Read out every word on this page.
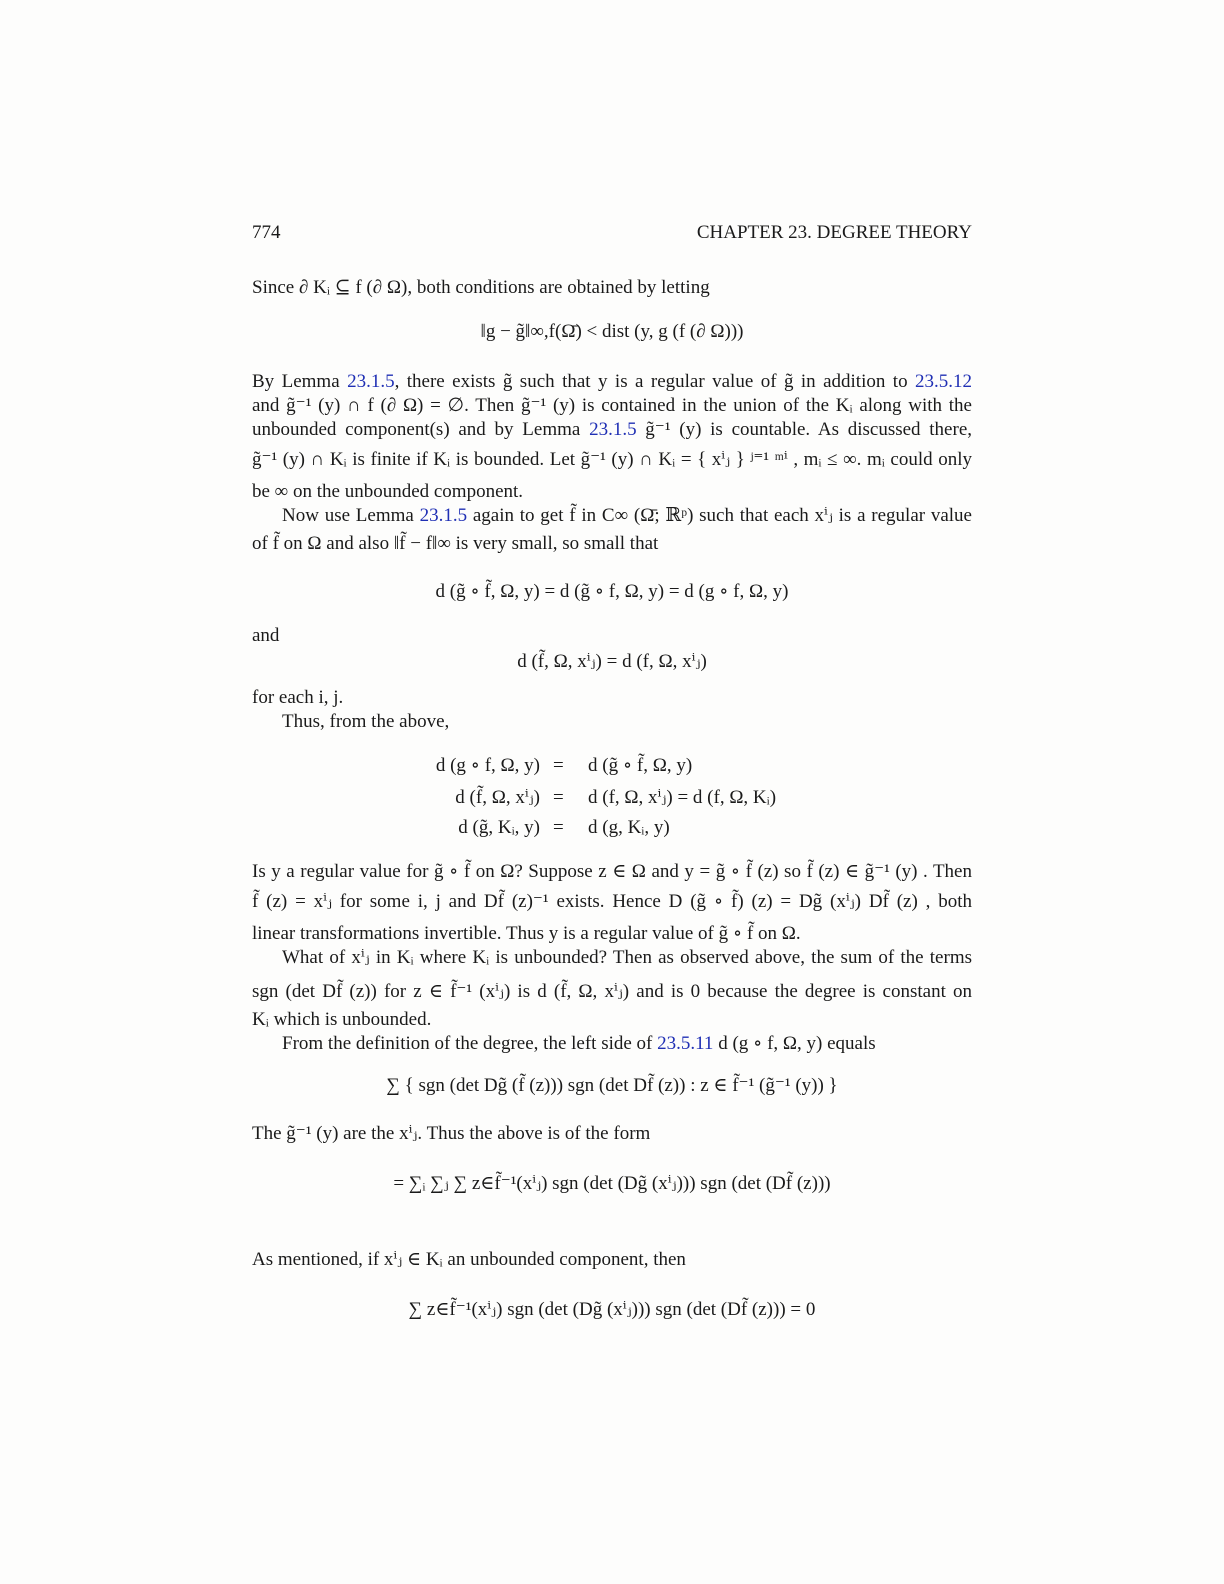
774	CHAPTER 23. DEGREE THEORY
Since ∂ Kᵢ ⊆ f (∂ Ω), both conditions are obtained by letting
‖g − g̃‖∞,f(Ω̄) < dist (y, g (f (∂ Ω)))
By Lemma 23.1.5, there exists g̃ such that y is a regular value of g̃ in addition to 23.5.12
and g̃⁻¹ (y) ∩ f (∂ Ω) = ∅. Then g̃⁻¹ (y) is contained in the union of the Kᵢ along with the
unbounded component(s) and by Lemma 23.1.5 g̃⁻¹ (y) is countable. As discussed there,
g̃⁻¹ (y) ∩ Kᵢ is finite if Kᵢ is bounded. Let g̃⁻¹ (y) ∩ Kᵢ = { xⁱⱼ } ʲ⁼¹ ᵐⁱ , mᵢ ≤ ∞. mᵢ could only
be ∞ on the unbounded component.
Now use Lemma 23.1.5 again to get f̃ in C∞ (Ω̄; ℝᵖ) such that each xⁱⱼ is a regular value
of f̃ on Ω and also ‖f̃ − f‖∞ is very small, so small that
d (g̃ ∘ f̃, Ω, y) = d (g̃ ∘ f, Ω, y) = d (g ∘ f, Ω, y)
and
d (f̃, Ω, xⁱⱼ) = d (f, Ω, xⁱⱼ)
for each i, j.
Thus, from the above,
d (g ∘ f, Ω, y) = d (g̃ ∘ f̃, Ω, y)
d (f̃, Ω, xⁱⱼ) = d (f, Ω, xⁱⱼ) = d (f, Ω, Kᵢ)
d (g̃, Kᵢ, y) = d (g, Kᵢ, y)
Is y a regular value for g̃ ∘ f̃ on Ω? Suppose z ∈ Ω and y = g̃ ∘ f̃ (z) so f̃ (z) ∈ g̃⁻¹ (y) . Then
f̃ (z) = xⁱⱼ for some i, j and Df̃ (z)⁻¹ exists. Hence D (g̃ ∘ f̃) (z) = Dg̃ (xⁱⱼ) Df̃ (z) , both
linear transformations invertible. Thus y is a regular value of g̃ ∘ f̃ on Ω.
What of xⁱⱼ in Kᵢ where Kᵢ is unbounded? Then as observed above, the sum of the terms
sgn (det Df̃ (z)) for z ∈ f̃⁻¹ (xⁱⱼ) is d (f̃, Ω, xⁱⱼ) and is 0 because the degree is constant on
Kᵢ which is unbounded.
From the definition of the degree, the left side of 23.5.11 d (g ∘ f, Ω, y) equals
∑ { sgn (det Dg̃ (f̃ (z))) sgn (det Df̃ (z)) : z ∈ f̃⁻¹ (g̃⁻¹ (y)) }
The g̃⁻¹ (y) are the xⁱⱼ. Thus the above is of the form
= ∑ᵢ ∑ⱼ ∑ z∈f̃⁻¹(xⁱⱼ) sgn (det (Dg̃ (xⁱⱼ))) sgn (det (Df̃ (z)))
As mentioned, if xⁱⱼ ∈ Kᵢ an unbounded component, then
∑ z∈f̃⁻¹(xⁱⱼ) sgn (det (Dg̃ (xⁱⱼ))) sgn (det (Df̃ (z))) = 0
